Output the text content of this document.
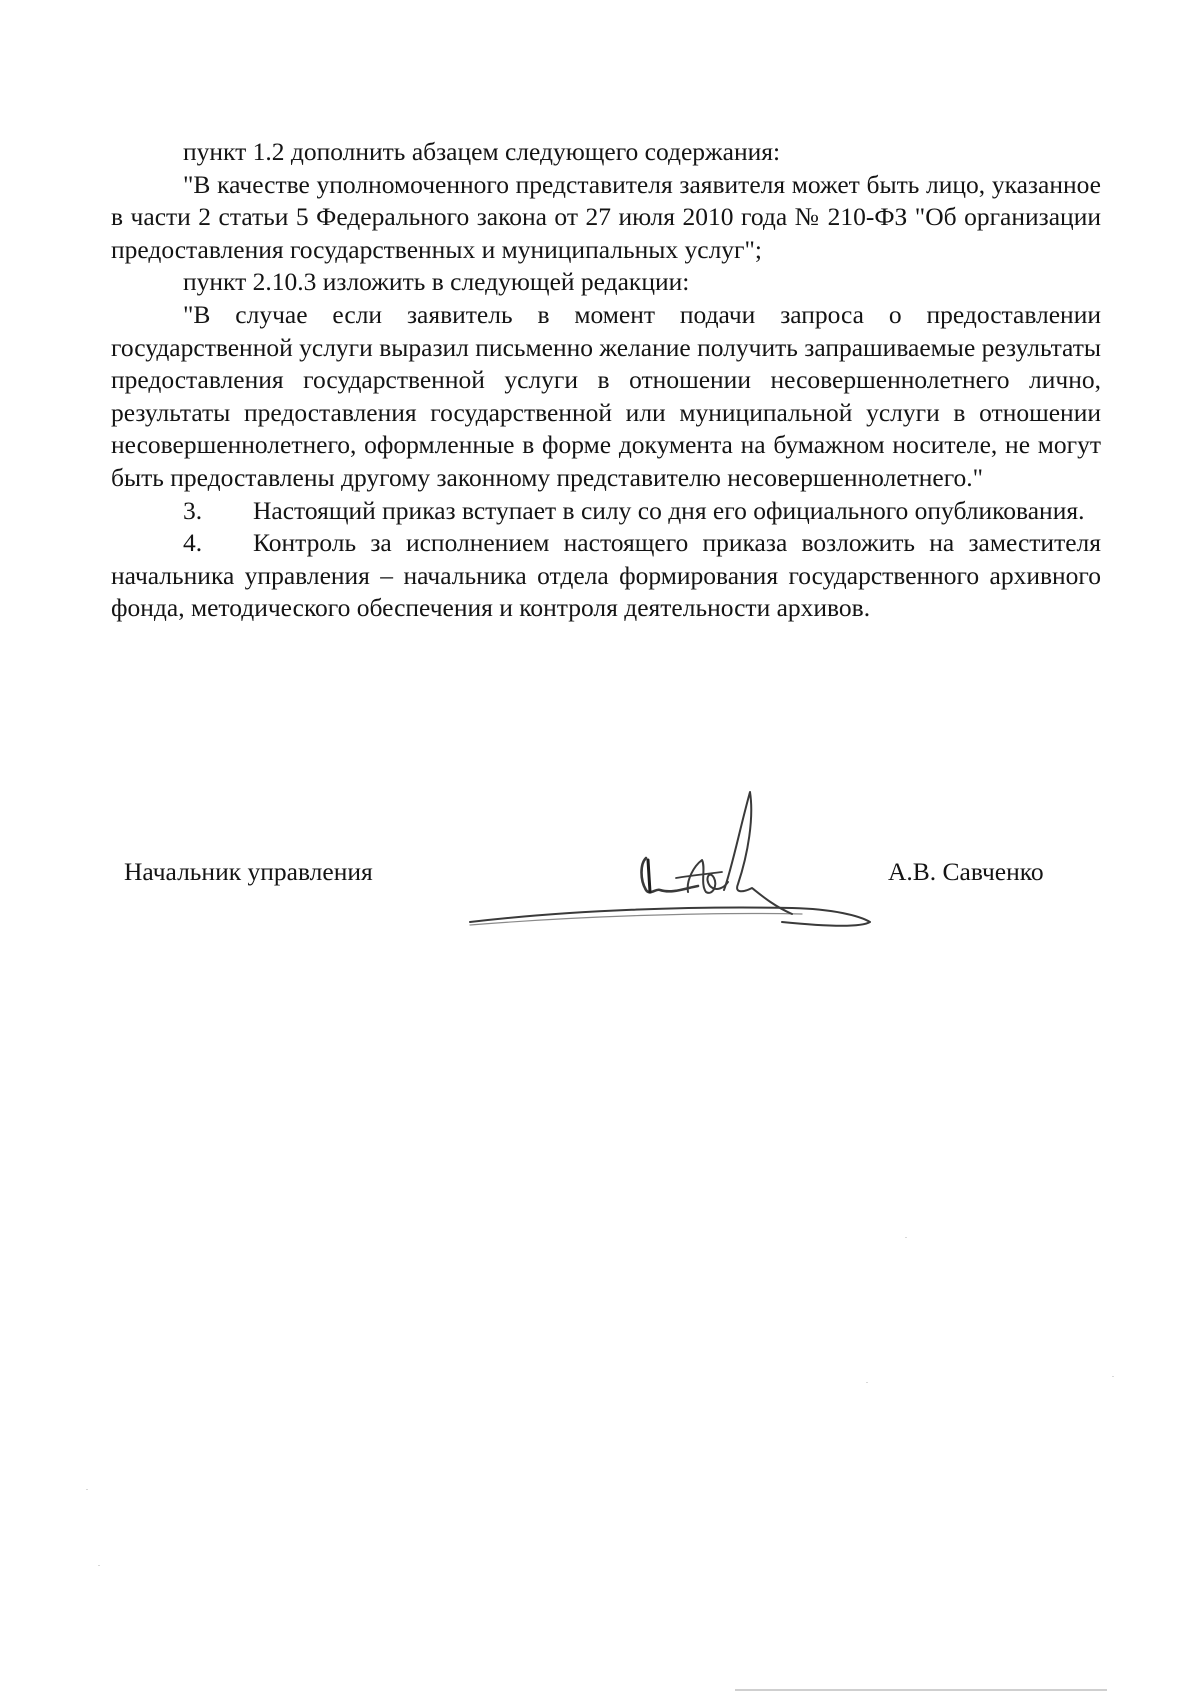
пункт 1.2 дополнить абзацем следующего содержания:

"В качестве уполномоченного представителя заявителя может быть лицо, указанное в части 2 статьи 5 Федерального закона от 27 июля 2010 года № 210-ФЗ "Об организации предоставления государственных и муниципальных услуг";

пункт 2.10.3 изложить в следующей редакции:

"В случае если заявитель в момент подачи запроса о предоставлении государственной услуги выразил письменно желание получить запрашиваемые результаты предоставления государственной услуги в отношении несовершеннолетнего лично, результаты предоставления государственной или муниципальной услуги в отношении несовершеннолетнего, оформленные в форме документа на бумажном носителе, не могут быть предоставлены другому законному представителю несовершеннолетнего."

3. Настоящий приказ вступает в силу со дня его официального опубликования.

4. Контроль за исполнением настоящего приказа возложить на заместителя начальника управления – начальника отдела формирования государственного архивного фонда, методического обеспечения и контроля деятельности архивов.

Начальник управления	А.В. Савченко
